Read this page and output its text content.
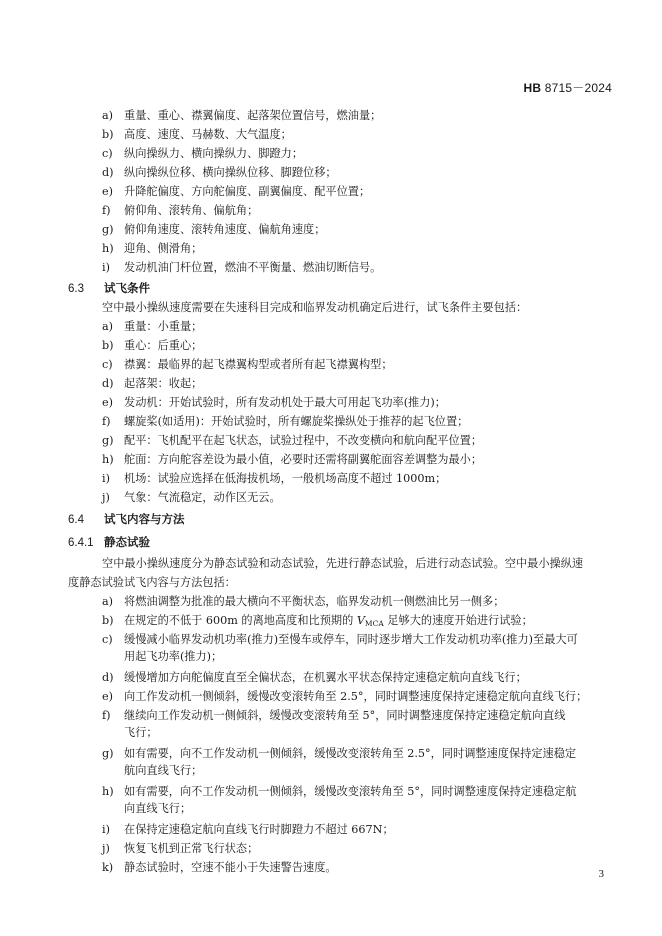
HB 8715－2024
a) 重量、重心、襟翼偏度、起落架位置信号，燃油量；
b) 高度、速度、马赫数、大气温度；
c) 纵向操纵力、横向操纵力、脚蹬力；
d) 纵向操纵位移、横向操纵位移、脚蹬位移；
e) 升降舵偏度、方向舵偏度、副翼偏度、配平位置；
f) 俯仰角、滚转角、偏航角；
g) 俯仰角速度、滚转角速度、偏航角速度；
h) 迎角、侧滑角；
i) 发动机油门杆位置，燃油不平衡量、燃油切断信号。
6.3 试飞条件
空中最小操纵速度需要在失速科目完成和临界发动机确定后进行，试飞条件主要包括：
a) 重量：小重量；
b) 重心：后重心；
c) 襟翼：最临界的起飞襟翼构型或者所有起飞襟翼构型；
d) 起落架：收起；
e) 发动机：开始试验时，所有发动机处于最大可用起飞功率(推力)；
f) 螺旋桨(如适用)：开始试验时，所有螺旋桨操纵处于推荐的起飞位置；
g) 配平：飞机配平在起飞状态，试验过程中，不改变横向和航向配平位置；
h) 舵面：方向舵容差设为最小值，必要时还需将副翼舵面容差调整为最小；
i) 机场：试验应选择在低海拔机场，一般机场高度不超过 1000m；
j) 气象：气流稳定，动作区无云。
6.4 试飞内容与方法
6.4.1 静态试验
空中最小操纵速度分为静态试验和动态试验，先进行静态试验，后进行动态试验。空中最小操纵速
度静态试验试飞内容与方法包括：
a) 将燃油调整为批准的最大横向不平衡状态，临界发动机一侧燃油比另一侧多；
b) 在规定的不低于 600m 的离地高度和比预期的 $V_{MCA}$ 足够大的速度开始进行试验；
c) 缓慢减小临界发动机功率(推力)至慢车或停车，同时逐步增大工作发动机功率(推力)至最大可
用起飞功率(推力)；
d) 缓慢增加方向舵偏度直至全偏状态，在机翼水平状态保持定速稳定航向直线飞行；
e) 向工作发动机一侧倾斜，缓慢改变滚转角至 2.5°，同时调整速度保持定速稳定航向直线飞行；
f) 继续向工作发动机一侧倾斜，缓慢改变滚转角至 5°，同时调整速度保持定速稳定航向直线
飞行；
g) 如有需要，向不工作发动机一侧倾斜，缓慢改变滚转角至 2.5°，同时调整速度保持定速稳定
航向直线飞行；
h) 如有需要，向不工作发动机一侧倾斜，缓慢改变滚转角至 5°，同时调整速度保持定速稳定航
向直线飞行；
i) 在保持定速稳定航向直线飞行时脚蹬力不超过 667N；
j) 恢复飞机到正常飞行状态；
k) 静态试验时，空速不能小于失速警告速度。	3
